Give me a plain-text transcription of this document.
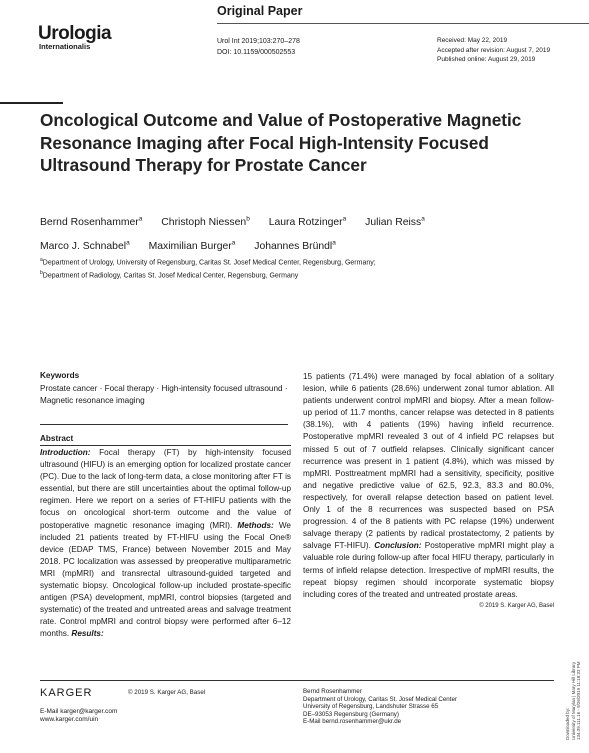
Urologia
Internationalis
Original Paper
Urol Int 2019;103:270–278
DOI: 10.1159/000502553
Received: May 22, 2019
Accepted after revision: August 7, 2019
Published online: August 29, 2019
Oncological Outcome and Value of Postoperative Magnetic Resonance Imaging after Focal High-Intensity Focused Ultrasound Therapy for Prostate Cancer
Bernd Rosenhammer$^a$ Christoph Niessen$^b$ Laura Rotzinger$^a$ Julian Reiss$^a$
Marco J. Schnabel$^a$ Maximilian Burger$^a$ Johannes Bründl$^a$
$^a$Department of Urology, University of Regensburg, Caritas St. Josef Medical Center, Regensburg, Germany;
$^b$Department of Radiology, Caritas St. Josef Medical Center, Regensburg, Germany
Keywords
Prostate cancer · Focal therapy · High-intensity focused ultrasound · Magnetic resonance imaging
Abstract
Introduction: Focal therapy (FT) by high-intensity focused ultrasound (HIFU) is an emerging option for localized prostate cancer (PC). Due to the lack of long-term data, a close monitoring after FT is essential, but there are still uncertainties about the optimal follow-up regimen. Here we report on a series of FT-HIFU patients with the focus on oncological short-term outcome and the value of postoperative magnetic resonance imaging (MRI). Methods: We included 21 patients treated by FT-HIFU using the Focal One® device (EDAP TMS, France) between November 2015 and May 2018. PC localization was assessed by preoperative multiparametric MRI (mpMRI) and transrectal ultrasound-guided targeted and systematic biopsy. Oncological follow-up included prostate-specific antigen (PSA) development, mpMRI, control biopsies (targeted and systematic) of the treated and untreated areas and salvage treatment rate. Control mpMRI and control biopsy were performed after 6–12 months. Results:
15 patients (71.4%) were managed by focal ablation of a solitary lesion, while 6 patients (28.6%) underwent zonal tumor ablation. All patients underwent control mpMRI and biopsy. After a mean follow-up period of 11.7 months, cancer relapse was detected in 8 patients (38.1%), with 4 patients (19%) having infield recurrence. Postoperative mpMRI revealed 3 out of 4 infield PC relapses but missed 5 out of 7 outfield relapses. Clinically significant cancer recurrence was present in 1 patient (4.8%), which was missed by mpMRI. Posttreatment mpMRI had a sensitivity, specificity, positive and negative predictive value of 62.5, 92.3, 83.3 and 80.0%, respectively, for overall relapse detection based on patient level. Only 1 of the 8 recurrences was suspected based on PSA progression. 4 of the 8 patients with PC relapse (19%) underwent salvage therapy (2 patients by radical prostatectomy, 2 patients by salvage FT-HIFU). Conclusion: Postoperative mpMRI might play a valuable role during follow-up after focal HIFU therapy, particularly in terms of infield relapse detection. Irrespective of mpMRI results, the repeat biopsy regimen should incorporate systematic biopsy including cores of the treated and untreated prostate areas.
© 2019 S. Karger AG, Basel
KARGER	© 2019 S. Karger AG, Basel
E-Mail karger@karger.com
www.karger.com/uin
Bernd Rosenhammer
Department of Urology, Caritas St. Josef Medical Center
University of Regensburg, Landshuter Strasse 65
DE–93053 Regensburg (Germany)
E-Mail bernd.rosenhammer@ukr.de	Downloaded by: University of Marylan | Mary Hill Library 134.39.111.16 - 9/26/2019 11:18:33 PM
